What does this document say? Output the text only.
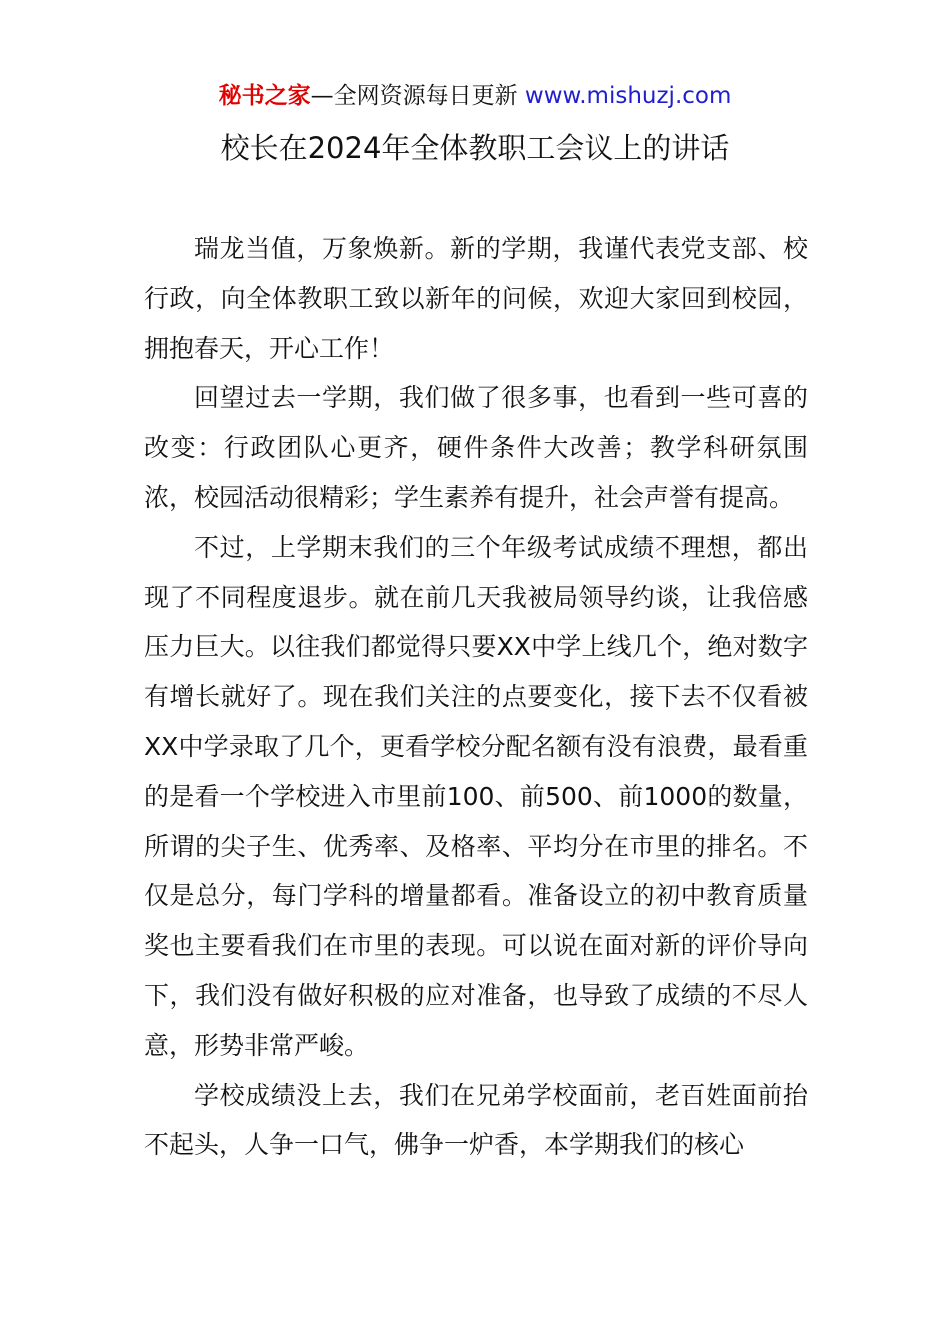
秘书之家—全网资源每日更新 www.mishuzj.com
校长在2024年全体教职工会议上的讲话

瑞龙当值，万象焕新。新的学期，我谨代表党支部、校行政，向全体教职工致以新年的问候，欢迎大家回到校园，拥抱春天，开心工作！

回望过去一学期，我们做了很多事，也看到一些可喜的改变：行政团队心更齐，硬件条件大改善；教学科研氛围浓，校园活动很精彩；学生素养有提升，社会声誉有提高。

不过，上学期末我们的三个年级考试成绩不理想，都出现了不同程度退步。就在前几天我被局领导约谈，让我倍感压力巨大。以往我们都觉得只要XX中学上线几个，绝对数字有增长就好了。现在我们关注的点要变化，接下去不仅看被XX中学录取了几个，更看学校分配名额有没有浪费，最看重的是看一个学校进入市里前100、前500、前1000的数量，所谓的尖子生、优秀率、及格率、平均分在市里的排名。不仅是总分，每门学科的增量都看。准备设立的初中教育质量奖也主要看我们在市里的表现。可以说在面对新的评价导向下，我们没有做好积极的应对准备，也导致了成绩的不尽人意，形势非常严峻。

学校成绩没上去，我们在兄弟学校面前，老百姓面前抬不起头，人争一口气，佛争一炉香，本学期我们的核心
